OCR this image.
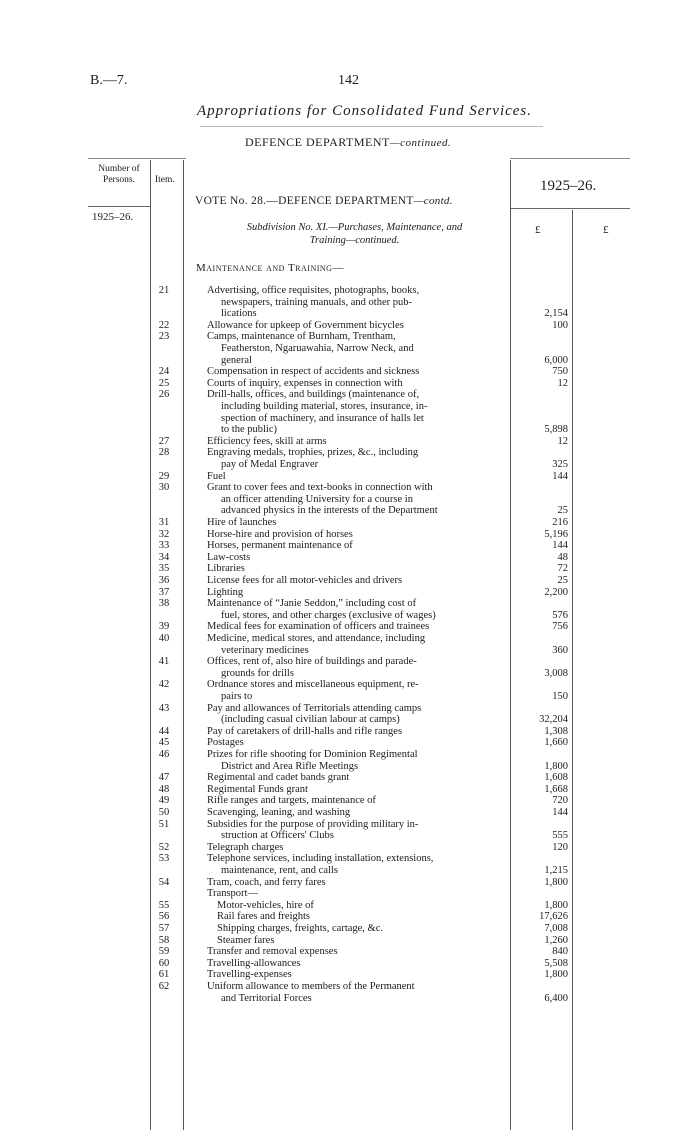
B.—7.	142
Appropriations for Consolidated Fund Services.
DEFENCE DEPARTMENT—continued.
Number of Persons.	Item.	1925–26.
1925–26.
VOTE No. 28.—DEFENCE DEPARTMENT—contd.
Subdivision No. XI.—Purchases, Maintenance, and
Training—continued.
£	£
Maintenance and Training—
21	Advertising, office requisites, photographs, books,
newspapers, training manuals, and other pub-
lications	2,154
22	Allowance for upkeep of Government bicycles	100
23	Camps, maintenance of Burnham, Trentham,
Featherston, Ngaruawahia, Narrow Neck, and
general	6,000
24	Compensation in respect of accidents and sickness	750
25	Courts of inquiry, expenses in connection with	12
26	Drill-halls, offices, and buildings (maintenance of,
including building material, stores, insurance, in-
spection of machinery, and insurance of halls let
to the public)	5,898
27	Efficiency fees, skill at arms	12
28	Engraving medals, trophies, prizes, &c., including
pay of Medal Engraver	325
29	Fuel	144
30	Grant to cover fees and text-books in connection with
an officer attending University for a course in
advanced physics in the interests of the Department	25
31	Hire of launches	216
32	Horse-hire and provision of horses	5,196
33	Horses, permanent maintenance of	144
34	Law-costs	48
35	Libraries	72
36	License fees for all motor-vehicles and drivers	25
37	Lighting	2,200
38	Maintenance of “Janie Seddon,” including cost of
fuel, stores, and other charges (exclusive of wages)	576
39	Medical fees for examination of officers and trainees	756
40	Medicine, medical stores, and attendance, including
veterinary medicines	360
41	Offices, rent of, also hire of buildings and parade-
grounds for drills	3,008
42	Ordnance stores and miscellaneous equipment, re-
pairs to	150
43	Pay and allowances of Territorials attending camps
(including casual civilian labour at camps)	32,204
44	Pay of caretakers of drill-halls and rifle ranges	1,308
45	Postages	1,660
46	Prizes for rifle shooting for Dominion Regimental
District and Area Rifle Meetings	1,800
47	Regimental and cadet bands grant	1,608
48	Regimental Funds grant	1,668
49	Rifle ranges and targets, maintenance of	720
50	Scavenging, leaning, and washing	144
51	Subsidies for the purpose of providing military in-
struction at Officers' Clubs	555
52	Telegraph charges	120
53	Telephone services, including installation, extensions,
maintenance, rent, and calls	1,215
54	Tram, coach, and ferry fares	1,800
Transport—
55	Motor-vehicles, hire of	1,800
56	Rail fares and freights	17,626
57	Shipping charges, freights, cartage, &c.	7,008
58	Steamer fares	1,260
59	Transfer and removal expenses	840
60	Travelling-allowances	5,508
61	Travelling-expenses	1,800
62	Uniform allowance to members of the Permanent
and Territorial Forces	6,400
